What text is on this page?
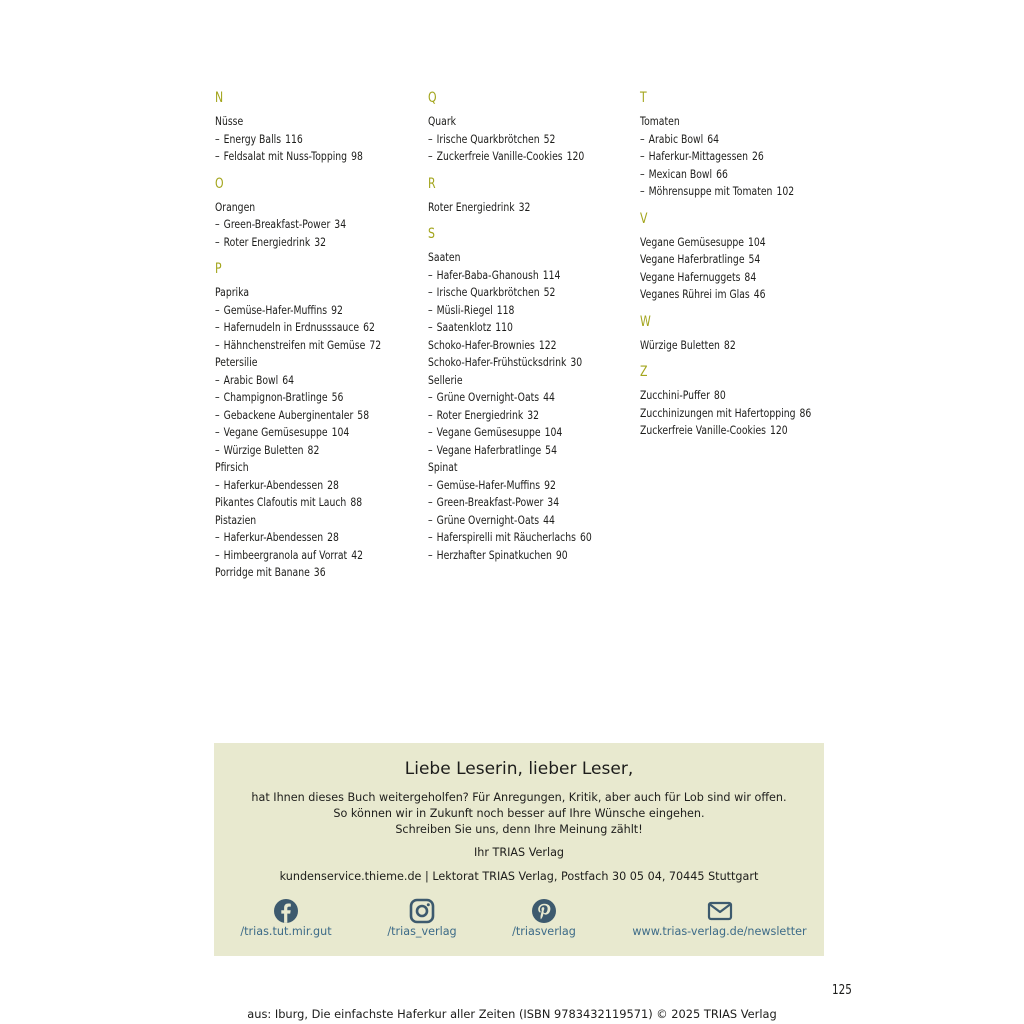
N
Nüsse
– Energy Balls 116
– Feldsalat mit Nuss-Topping 98
O
Orangen
– Green-Breakfast-Power 34
– Roter Energiedrink 32
P
Paprika
– Gemüse-Hafer-Muffins 92
– Hafernudeln in Erdnusssauce 62
– Hähnchenstreifen mit Gemüse 72
Petersilie
– Arabic Bowl 64
– Champignon-Bratlinge 56
– Gebackene Auberginentaler 58
– Vegane Gemüsesuppe 104
– Würzige Buletten 82
Pfirsich
– Haferkur-Abendessen 28
Pikantes Clafoutis mit Lauch 88
Pistazien
– Haferkur-Abendessen 28
– Himbeergranola auf Vorrat 42
Porridge mit Banane 36
Q
Quark
– Irische Quarkbrötchen 52
– Zuckerfreie Vanille-Cookies 120
R
Roter Energiedrink 32
S
Saaten
– Hafer-Baba-Ghanoush 114
– Irische Quarkbrötchen 52
– Müsli-Riegel 118
– Saatenklotz 110
Schoko-Hafer-Brownies 122
Schoko-Hafer-Frühstücksdrink 30
Sellerie
– Grüne Overnight-Oats 44
– Roter Energiedrink 32
– Vegane Gemüsesuppe 104
– Vegane Haferbratlinge 54
Spinat
– Gemüse-Hafer-Muffins 92
– Green-Breakfast-Power 34
– Grüne Overnight-Oats 44
– Haferspirelli mit Räucherlachs 60
– Herzhafter Spinatkuchen 90
T
Tomaten
– Arabic Bowl 64
– Haferkur-Mittagessen 26
– Mexican Bowl 66
– Möhrensuppe mit Tomaten 102
V
Vegane Gemüsesuppe 104
Vegane Haferbratlinge 54
Vegane Hafernuggets 84
Veganes Rührei im Glas 46
W
Würzige Buletten 82
Z
Zucchini-Puffer 80
Zucchinizungen mit Hafertopping 86
Zuckerfreie Vanille-Cookies 120
Liebe Leserin, lieber Leser,
hat Ihnen dieses Buch weitergeholfen? Für Anregungen, Kritik, aber auch für Lob sind wir offen.
So können wir in Zukunft noch besser auf Ihre Wünsche eingehen.
Schreiben Sie uns, denn Ihre Meinung zählt!
Ihr TRIAS Verlag
kundenservice.thieme.de | Lektorat TRIAS Verlag, Postfach 30 05 04, 70445 Stuttgart
/trias.tut.mir.gut	/trias_verlag	/triasverlag	www.trias-verlag.de/newsletter
125
aus: Iburg, Die einfachste Haferkur aller Zeiten (ISBN 9783432119571) © 2025 TRIAS Verlag
